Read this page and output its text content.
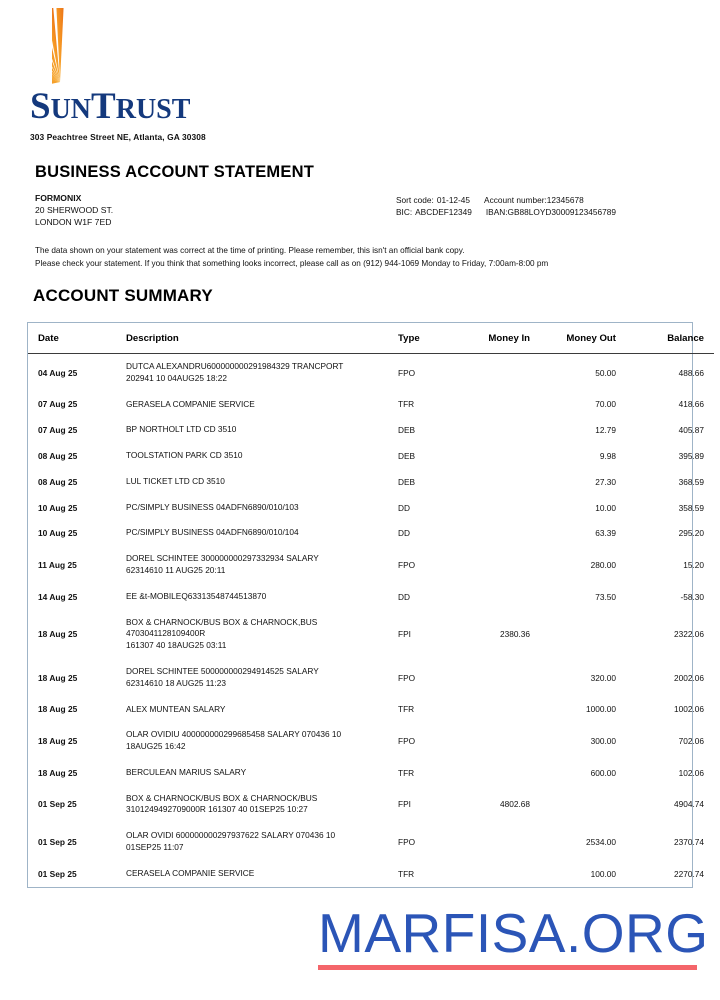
SUNTRUST
303 Peachtree Street NE, Atlanta, GA 30308
BUSINESS ACCOUNT STATEMENT
FORMONIX
20 SHERWOOD ST.
LONDON W1F 7ED
Sort code: 01-12-45 Account number:12345678
BIC: ABCDEF12349 IBAN:GB88LOYD30009123456789
The data shown on your statement was correct at the time of printing. Please remember, this isn't an official bank copy.
Please check your statement. If you think that something looks incorrect, please call as on (912) 944-1069 Monday to Friday, 7:00am-8:00 pm
ACCOUNT SUMMARY
Date	Description	Type	Money In	Money Out	Balance
04 Aug 25	DUTCA ALEXANDRU600000000291984329 TRANCPORT
202941 10 04AUG25 18:22	FPO		50.00	488.66
07 Aug 25	GERASELA COMPANIE SERVICE	TFR		70.00	418.66
07 Aug 25	BP NORTHOLT LTD CD 3510	DEB		12.79	405.87
08 Aug 25	TOOLSTATION PARK CD 3510	DEB		9.98	395.89
08 Aug 25	LUL TICKET LTD CD 3510	DEB		27.30	368.59
10 Aug 25	PC/SIMPLY BUSINESS 04ADFN6890/010/103	DD		10.00	358.59
10 Aug 25	PC/SIMPLY BUSINESS 04ADFN6890/010/104	DD		63.39	295.20
11 Aug 25	DOREL SCHINTEE 300000000297332934 SALARY
62314610 11 AUG25 20:11	FPO		280.00	15.20
14 Aug 25	EE &t-MOBILEQ63313548744513870	DD		73.50	-58.30
18 Aug 25	BOX & CHARNOCK/BUS BOX & CHARNOCK,BUS 4703041128109400R
161307 40 18AUG25 03:11	FPI	2380.36		2322.06
18 Aug 25	DOREL SCHINTEE 500000000294914525 SALARY
62314610 18 AUG25 11:23	FPO		320.00	2002.06
18 Aug 25	ALEX MUNTEAN SALARY	TFR		1000.00	1002.06
18 Aug 25	OLAR OVIDIU 400000000299685458 SALARY 070436 10
18AUG25 16:42	FPO		300.00	702.06
18 Aug 25	BERCULEAN MARIUS SALARY	TFR		600.00	102.06
01 Sep 25	BOX & CHARNOCK/BUS BOX & CHARNOCK/BUS
3101249492709000R 161307 40 01SEP25 10:27	FPI	4802.68		4904.74
01 Sep 25	OLAR OVIDI 600000000297937622 SALARY 070436 10
01SEP25 11:07	FPO		2534.00	2370.74
01 Sep 25	CERASELA COMPANIE SERVICE	TFR		100.00	2270.74
MARFISA.ORG
